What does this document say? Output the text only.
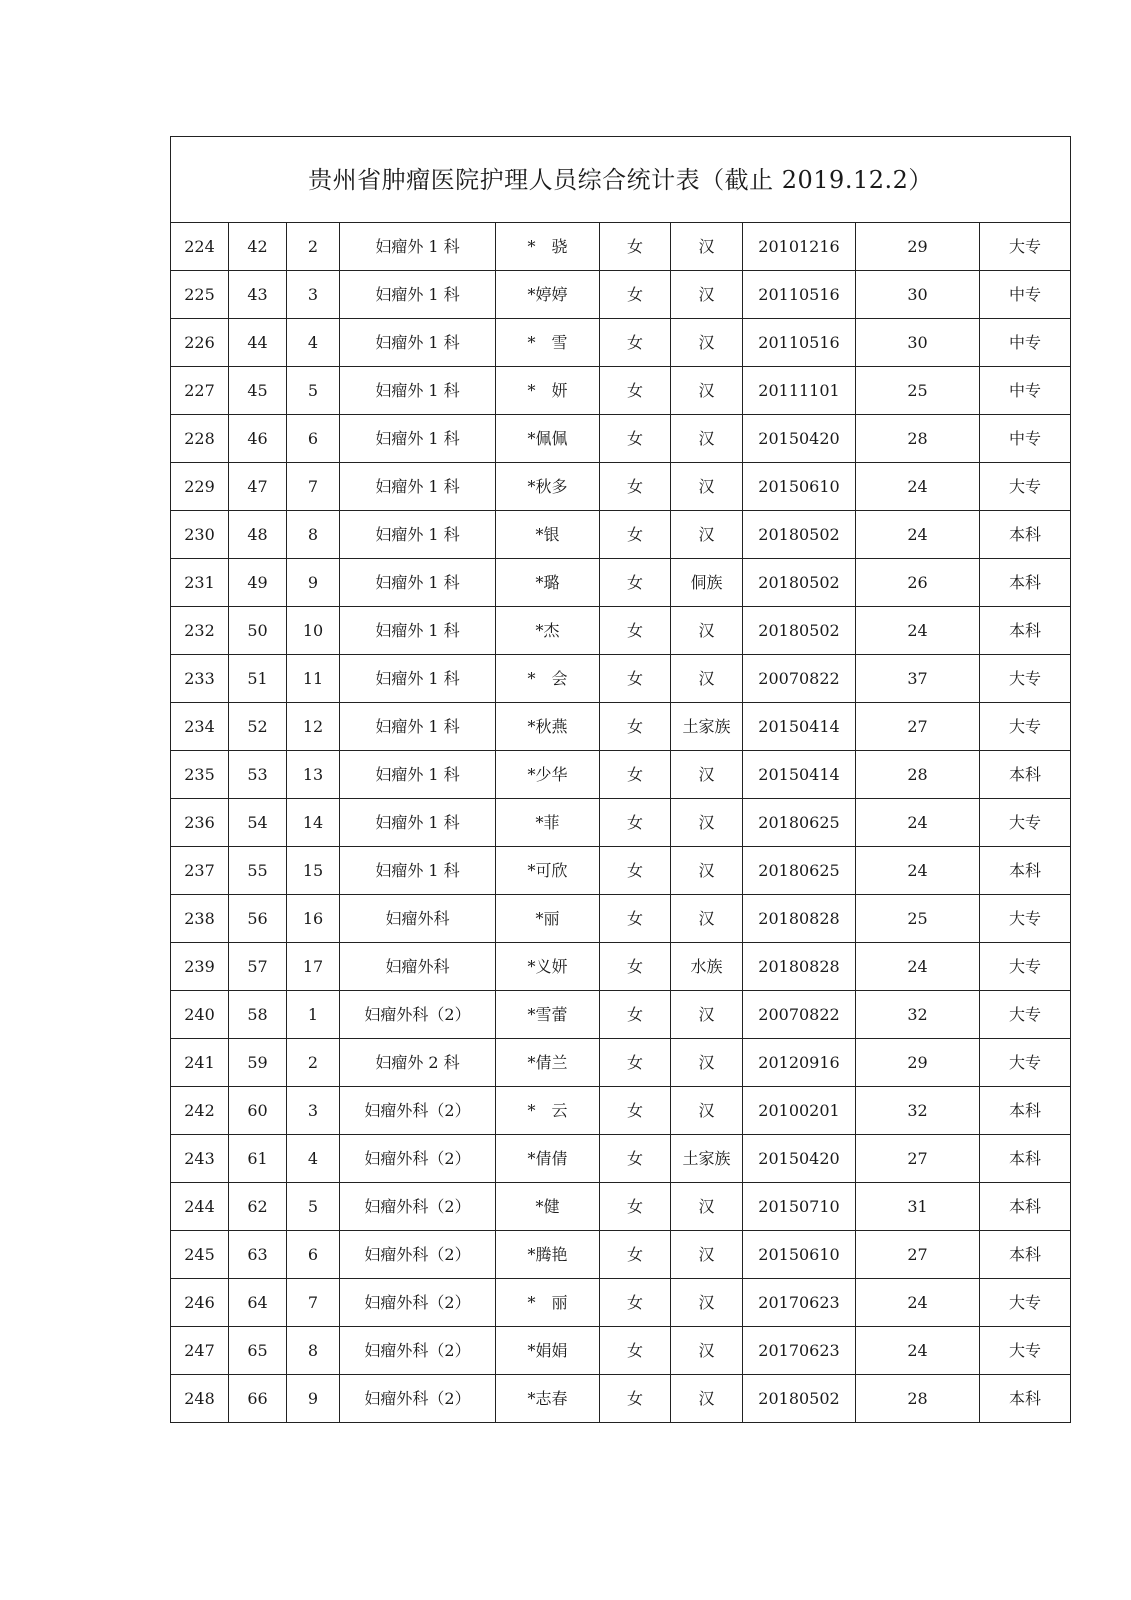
贵州省肿瘤医院护理人员综合统计表（截止 2019.12.2）									
224	42	2	妇瘤外 1 科	*　骁	女	汉	20101216	29	大专
225	43	3	妇瘤外 1 科	*婷婷	女	汉	20110516	30	中专
226	44	4	妇瘤外 1 科	*　雪	女	汉	20110516	30	中专
227	45	5	妇瘤外 1 科	*　妍	女	汉	20111101	25	中专
228	46	6	妇瘤外 1 科	*佩佩	女	汉	20150420	28	中专
229	47	7	妇瘤外 1 科	*秋多	女	汉	20150610	24	大专
230	48	8	妇瘤外 1 科	*银	女	汉	20180502	24	本科
231	49	9	妇瘤外 1 科	*璐	女	侗族	20180502	26	本科
232	50	10	妇瘤外 1 科	*杰	女	汉	20180502	24	本科
233	51	11	妇瘤外 1 科	*　会	女	汉	20070822	37	大专
234	52	12	妇瘤外 1 科	*秋燕	女	土家族	20150414	27	大专
235	53	13	妇瘤外 1 科	*少华	女	汉	20150414	28	本科
236	54	14	妇瘤外 1 科	*菲	女	汉	20180625	24	大专
237	55	15	妇瘤外 1 科	*可欣	女	汉	20180625	24	本科
238	56	16	妇瘤外科	*丽	女	汉	20180828	25	大专
239	57	17	妇瘤外科	*义妍	女	水族	20180828	24	大专
240	58	1	妇瘤外科（2）	*雪蕾	女	汉	20070822	32	大专
241	59	2	妇瘤外 2 科	*倩兰	女	汉	20120916	29	大专
242	60	3	妇瘤外科（2）	*　云	女	汉	20100201	32	本科
243	61	4	妇瘤外科（2）	*倩倩	女	土家族	20150420	27	本科
244	62	5	妇瘤外科（2）	*健	女	汉	20150710	31	本科
245	63	6	妇瘤外科（2）	*腾艳	女	汉	20150610	27	本科
246	64	7	妇瘤外科（2）	*　丽	女	汉	20170623	24	大专
247	65	8	妇瘤外科（2）	*娟娟	女	汉	20170623	24	大专
248	66	9	妇瘤外科（2）	*志春	女	汉	20180502	28	本科
